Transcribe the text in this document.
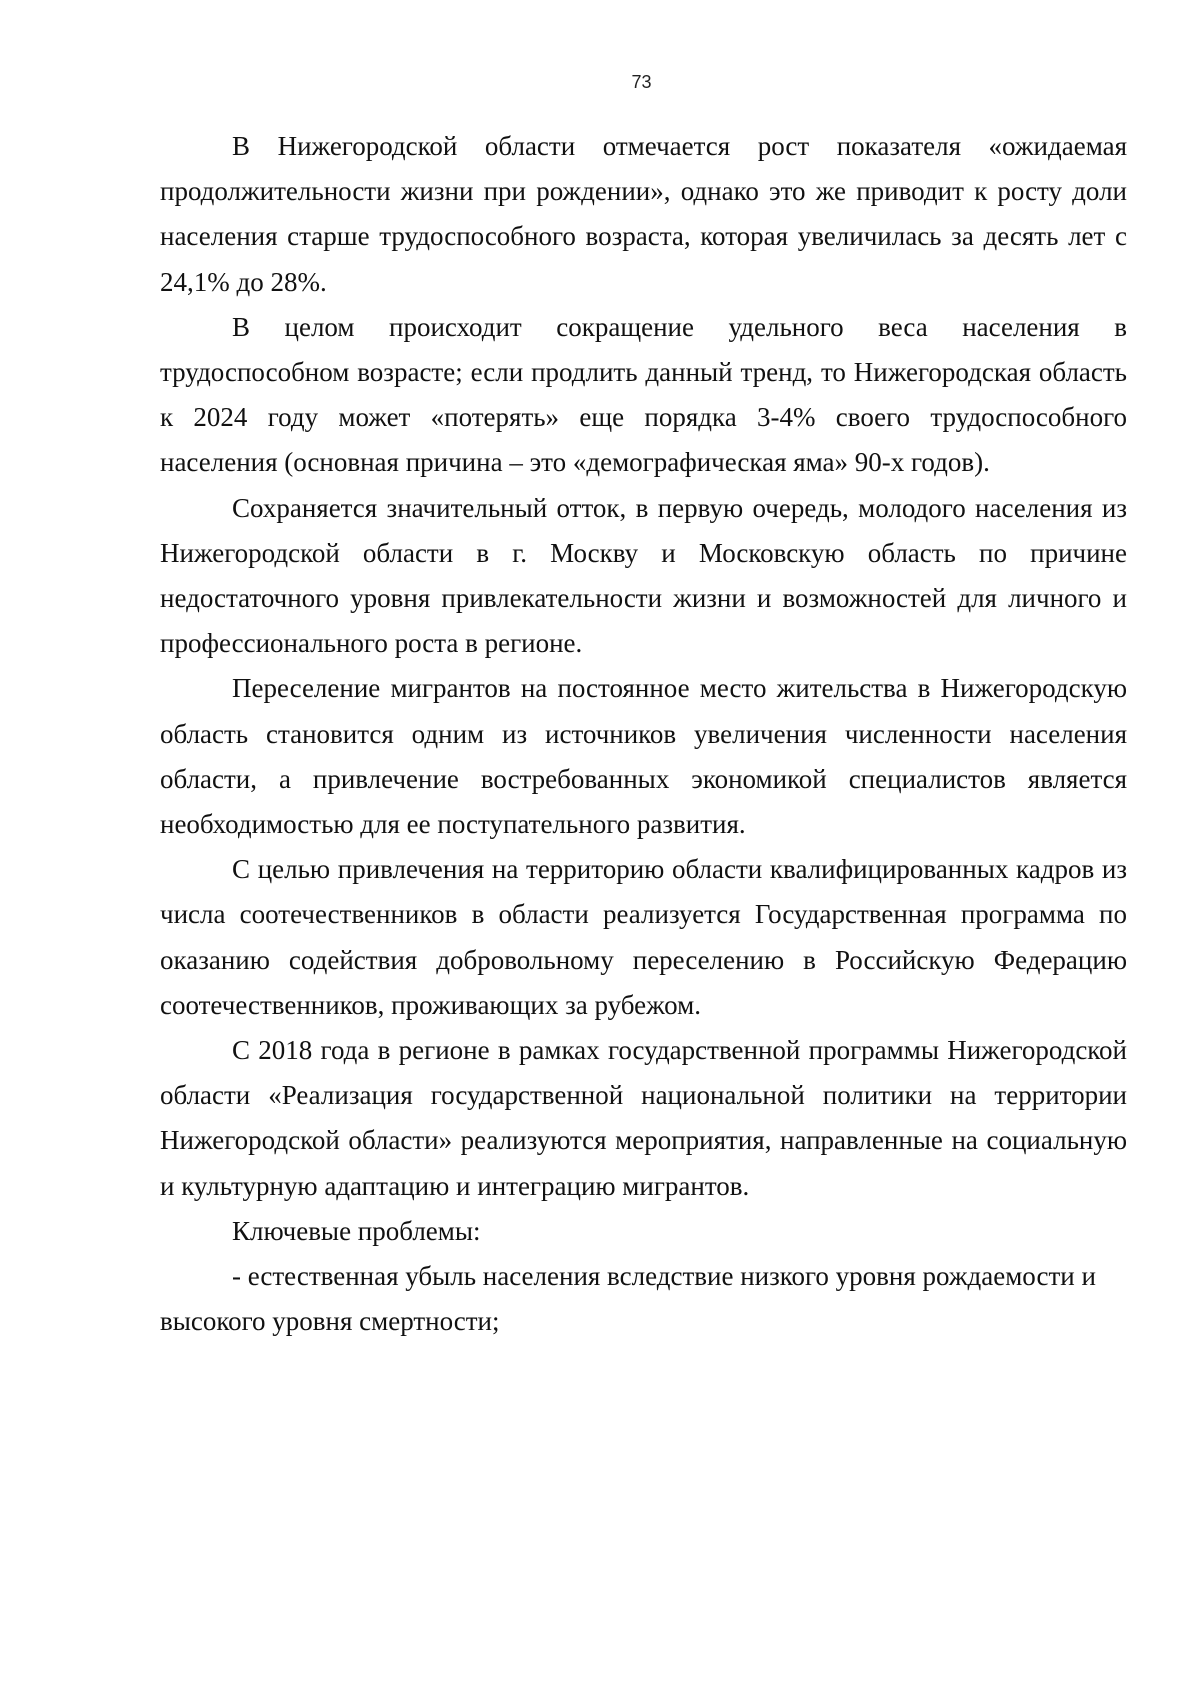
73

В Нижегородской области отмечается рост показателя «ожидаемая продолжительности жизни при рождении», однако это же приводит к росту доли населения старше трудоспособного возраста, которая увеличилась за десять лет с 24,1% до 28%.

В целом происходит сокращение удельного веса населения в трудоспособном возрасте; если продлить данный тренд, то Нижегородская область к 2024 году может «потерять» еще порядка 3-4% своего трудоспособного населения (основная причина – это «демографическая яма» 90-х годов).

Сохраняется значительный отток, в первую очередь, молодого населения из Нижегородской области в г. Москву и Московскую область по причине недостаточного уровня привлекательности жизни и возможностей для личного и профессионального роста в регионе.

Переселение мигрантов на постоянное место жительства в Нижегородскую область становится одним из источников увеличения численности населения области, а привлечение востребованных экономикой специалистов является необходимостью для ее поступательного развития.

С целью привлечения на территорию области квалифицированных кадров из числа соотечественников в области реализуется Государственная программа по оказанию содействия добровольному переселению в Российскую Федерацию соотечественников, проживающих за рубежом.

С 2018 года в регионе в рамках государственной программы Нижегородской области «Реализация государственной национальной политики на территории Нижегородской области» реализуются мероприятия, направленные на социальную и культурную адаптацию и интеграцию мигрантов.

Ключевые проблемы:

- естественная убыль населения вследствие низкого уровня рождаемости и высокого уровня смертности;
